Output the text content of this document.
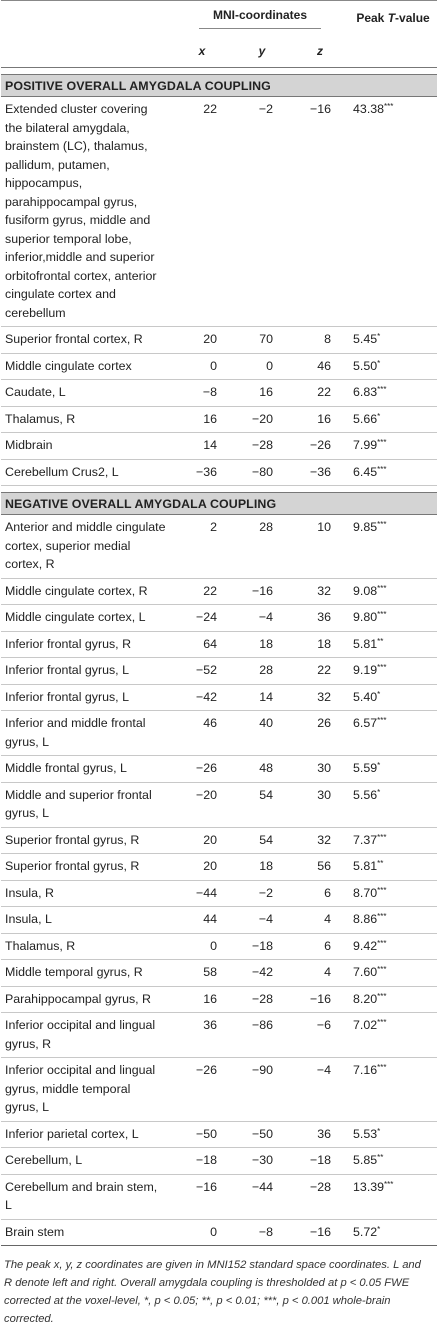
	MNI-coordinates			Peak T-value
	x	y	z	

POSITIVE OVERALL AMYGDALA COUPLING				
Extended cluster covering the bilateral amygdala, brainstem (LC), thalamus, pallidum, putamen, hippocampus, parahippocampal gyrus, fusiform gyrus, middle and superior temporal lobe, inferior,middle and superior orbitofrontal cortex, anterior cingulate cortex and cerebellum	22	−2	−16	43.38***
Superior frontal cortex, R	20	70	8	5.45*
Middle cingulate cortex	0	0	46	5.50*
Caudate, L	−8	16	22	6.83***
Thalamus, R	16	−20	16	5.66*
Midbrain	14	−28	−26	7.99***
Cerebellum Crus2, L	−36	−80	−36	6.45***

NEGATIVE OVERALL AMYGDALA COUPLING				
Anterior and middle cingulate cortex, superior medial cortex, R	2	28	10	9.85***
Middle cingulate cortex, R	22	−16	32	9.08***
Middle cingulate cortex, L	−24	−4	36	9.80***
Inferior frontal gyrus, R	64	18	18	5.81**
Inferior frontal gyrus, L	−52	28	22	9.19***
Inferior frontal gyrus, L	−42	14	32	5.40*
Inferior and middle frontal gyrus, L	46	40	26	6.57***
Middle frontal gyrus, L	−26	48	30	5.59*
Middle and superior frontal gyrus, L	−20	54	30	5.56*
Superior frontal gyrus, R	20	54	32	7.37***
Superior frontal gyrus, R	20	18	56	5.81**
Insula, R	−44	−2	6	8.70***
Insula, L	44	−4	4	8.86***
Thalamus, R	0	−18	6	9.42***
Middle temporal gyrus, R	58	−42	4	7.60***
Parahippocampal gyrus, R	16	−28	−16	8.20***
Inferior occipital and lingual gyrus, R	36	−86	−6	7.02***
Inferior occipital and lingual gyrus, middle temporal gyrus, L	−26	−90	−4	7.16***
Inferior parietal cortex, L	−50	−50	36	5.53*
Cerebellum, L	−18	−30	−18	5.85**
Cerebellum and brain stem, L	−16	−44	−28	13.39***
Brain stem	0	−8	−16	5.72*
The peak x, y, z coordinates are given in MNI152 standard space coordinates. L and R denote left and right. Overall amygdala coupling is thresholded at p < 0.05 FWE corrected at the voxel-level, *, p < 0.05; **, p < 0.01; ***, p < 0.001 whole-brain corrected.
